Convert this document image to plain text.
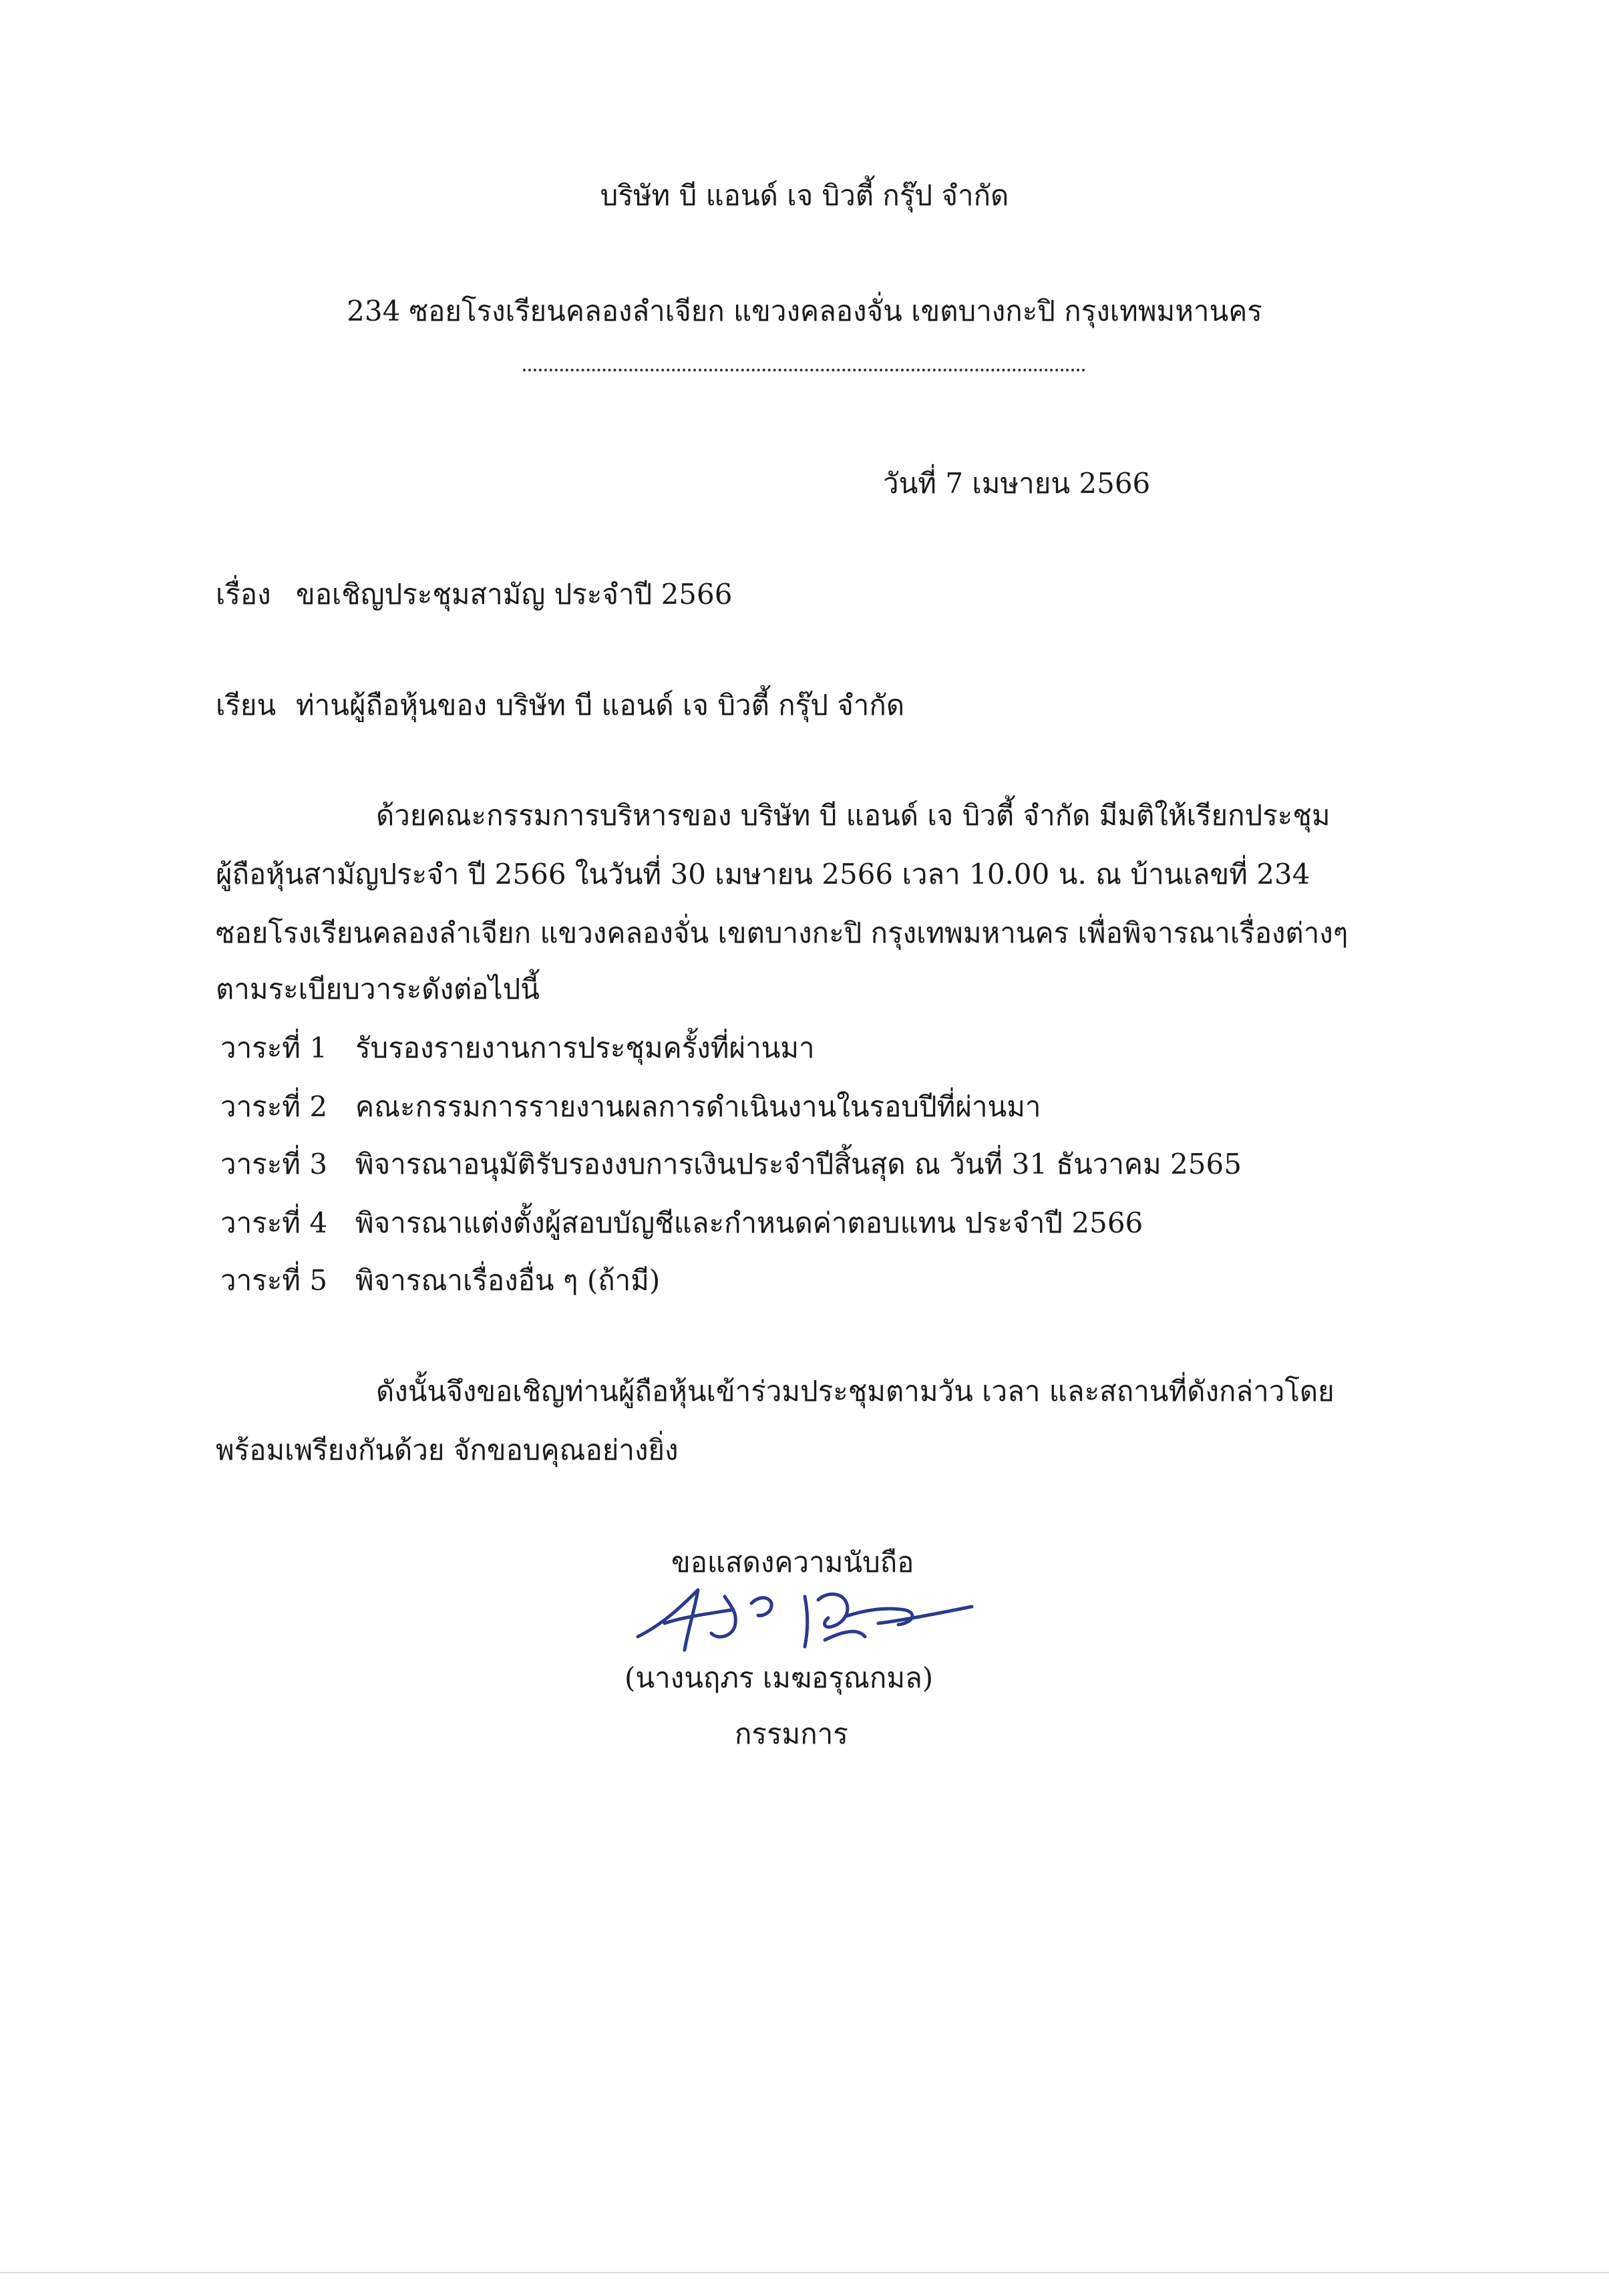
บริษัท บี แอนด์ เจ บิวตี้ กรุ๊ป จำกัด
234 ซอยโรงเรียนคลองลำเจียก แขวงคลองจั่น เขตบางกะปิ กรุงเทพมหานคร
วันที่ 7 เมษายน 2566
เรื่อง ขอเชิญประชุมสามัญ ประจำปี 2566
เรียน ท่านผู้ถือหุ้นของ บริษัท บี แอนด์ เจ บิวตี้ กรุ๊ป จำกัด
ด้วยคณะกรรมการบริหารของ บริษัท บี แอนด์ เจ บิวตี้ จำกัด มีมติให้เรียกประชุม
ผู้ถือหุ้นสามัญประจำ ปี 2566 ในวันที่ 30 เมษายน 2566 เวลา 10.00 น. ณ บ้านเลขที่ 234
ซอยโรงเรียนคลองลำเจียก แขวงคลองจั่น เขตบางกะปิ กรุงเทพมหานคร เพื่อพิจารณาเรื่องต่างๆ
ตามระเบียบวาระดังต่อไปนี้
วาระที่ 1 รับรองรายงานการประชุมครั้งที่ผ่านมา
วาระที่ 2 คณะกรรมการรายงานผลการดำเนินงานในรอบปีที่ผ่านมา
วาระที่ 3 พิจารณาอนุมัติรับรองงบการเงินประจำปีสิ้นสุด ณ วันที่ 31 ธันวาคม 2565
วาระที่ 4 พิจารณาแต่งตั้งผู้สอบบัญชีและกำหนดค่าตอบแทน ประจำปี 2566
วาระที่ 5 พิจารณาเรื่องอื่น ๆ (ถ้ามี)
ดังนั้นจึงขอเชิญท่านผู้ถือหุ้นเข้าร่วมประชุมตามวัน เวลา และสถานที่ดังกล่าวโดย
พร้อมเพรียงกันด้วย จักขอบคุณอย่างยิ่ง
ขอแสดงความนับถือ
(นางนฤภร เมฆอรุณกมล)
กรรมการ
